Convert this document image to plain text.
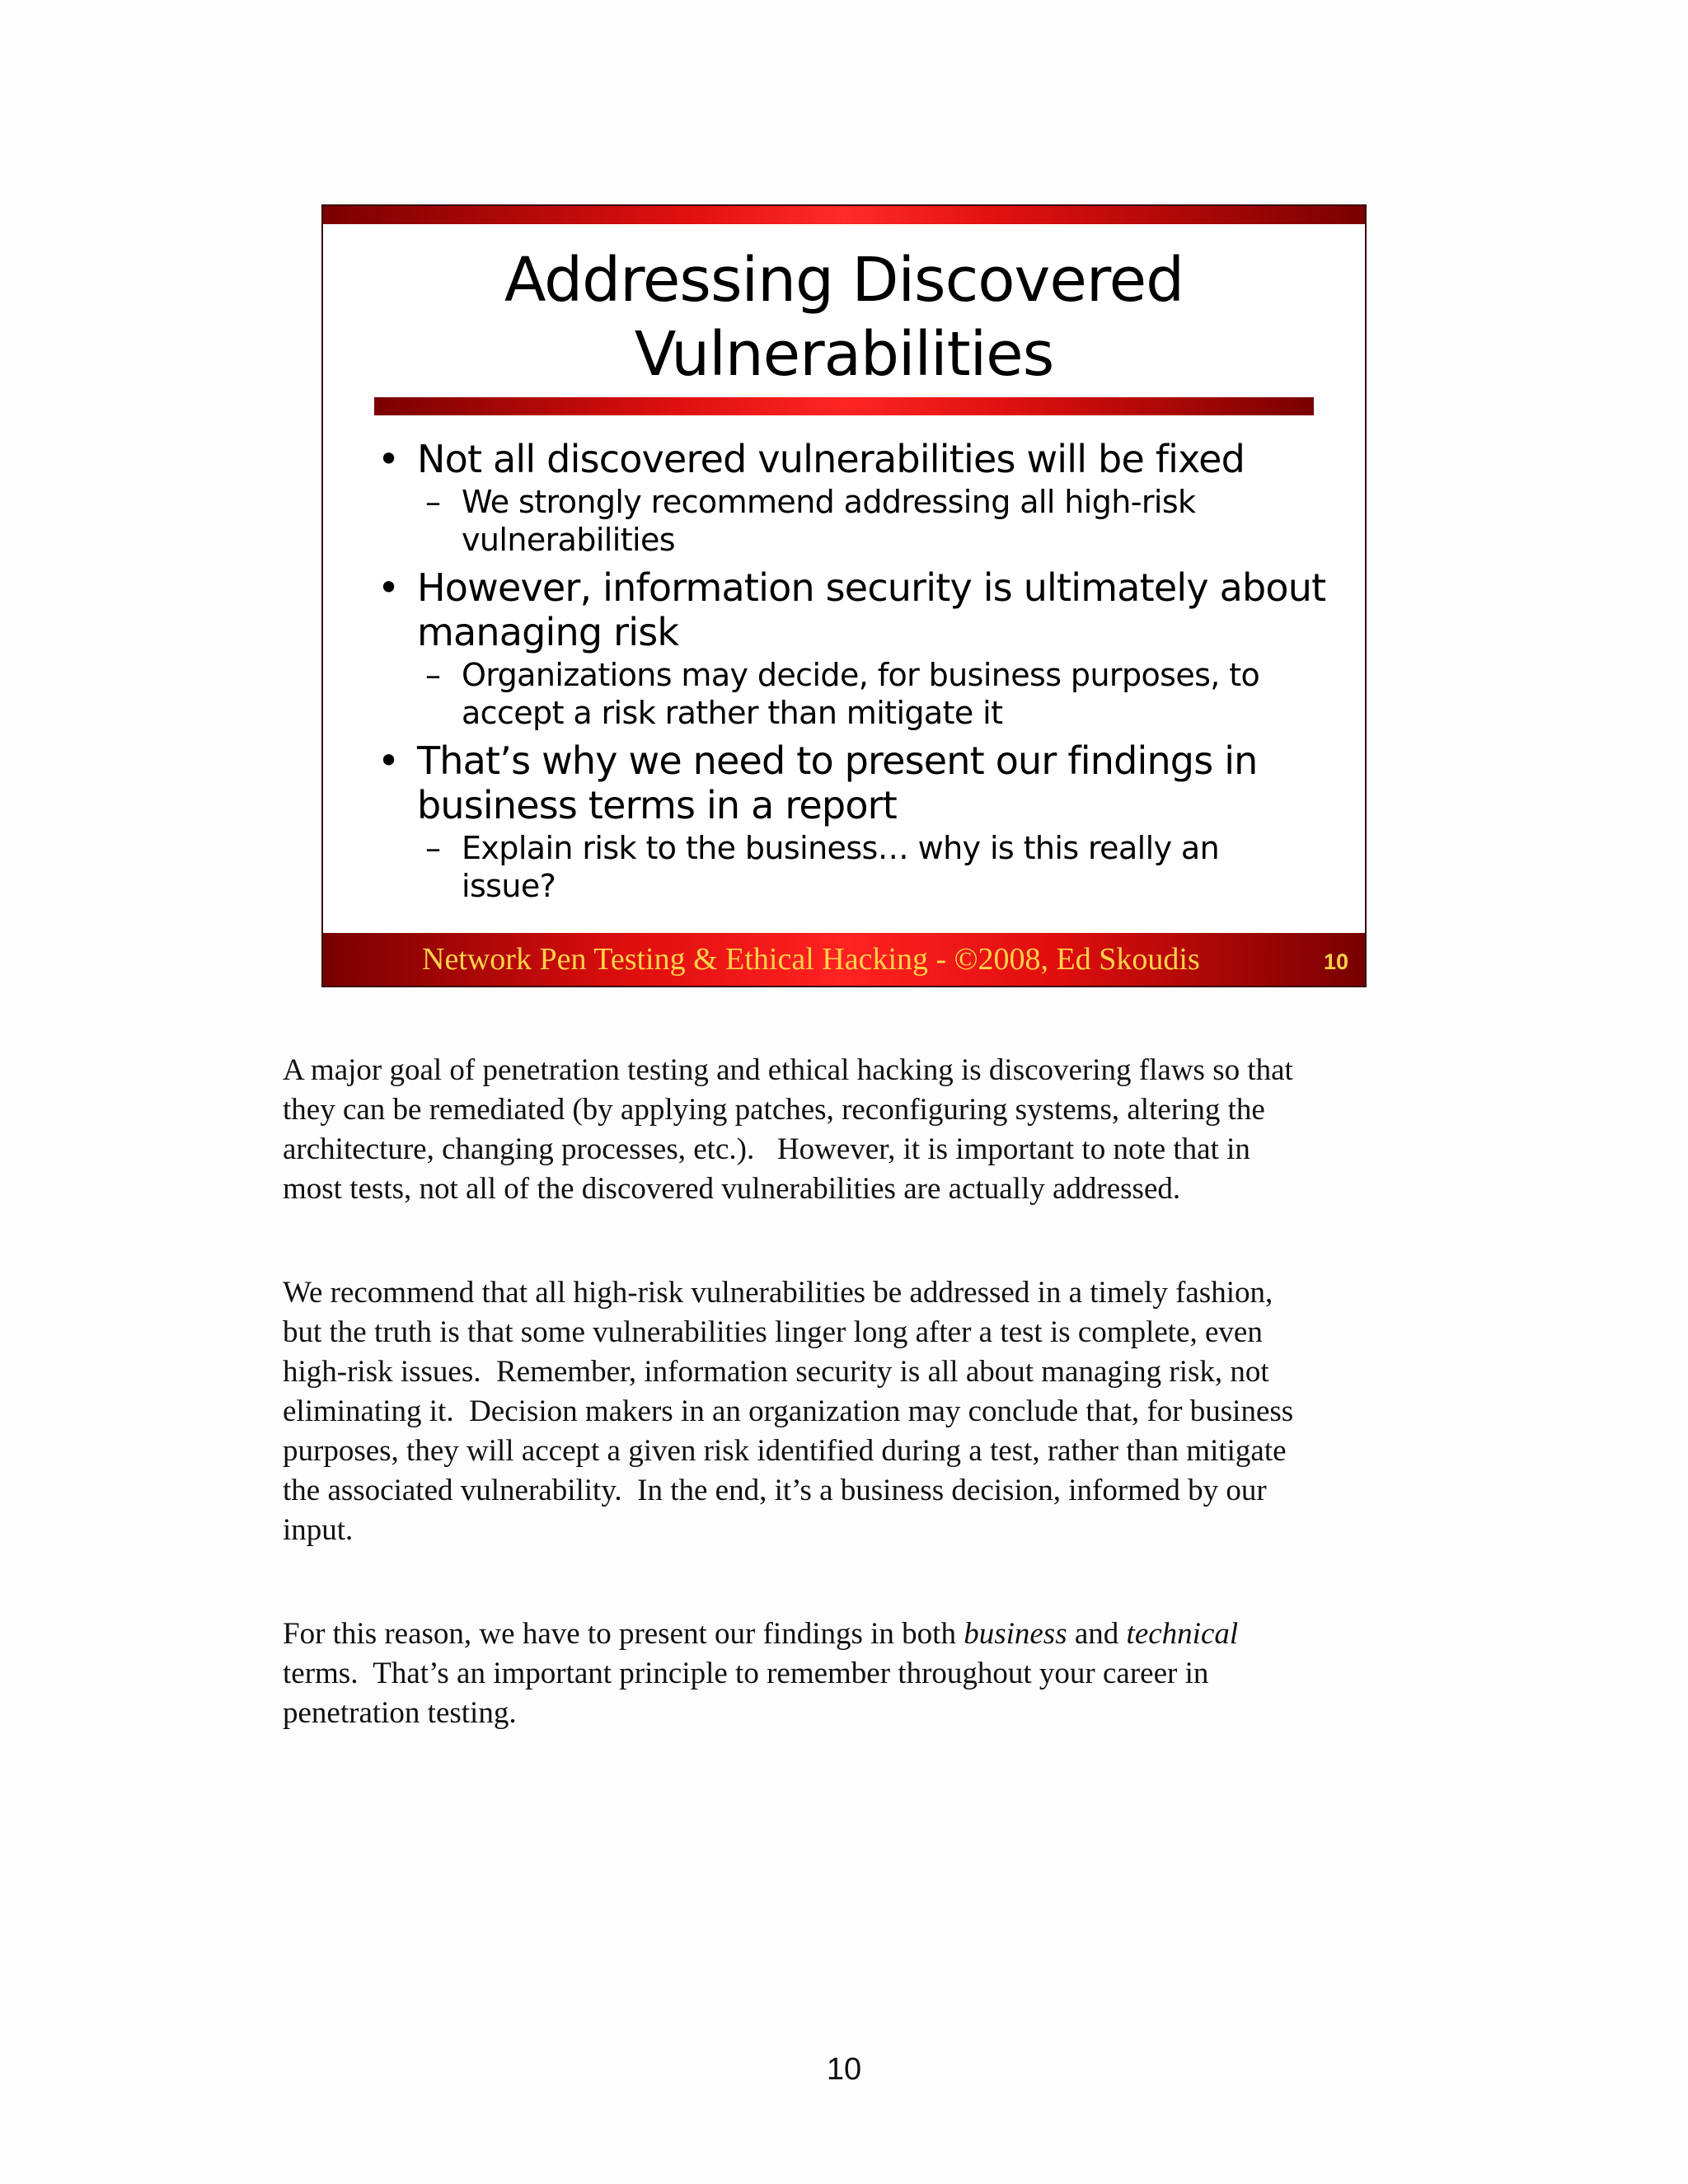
Addressing Discovered
Vulnerabilities
• Not all discovered vulnerabilities will be fixed
– We strongly recommend addressing all high-risk
vulnerabilities
• However, information security is ultimately about
managing risk
– Organizations may decide, for business purposes, to
accept a risk rather than mitigate it
• That’s why we need to present our findings in
business terms in a report
– Explain risk to the business… why is this really an
issue?
Network Pen Testing & Ethical Hacking - ©2008, Ed Skoudis	10
A major goal of penetration testing and ethical hacking is discovering flaws so that
they can be remediated (by applying patches, reconfiguring systems, altering the
architecture, changing processes, etc.).   However, it is important to note that in
most tests, not all of the discovered vulnerabilities are actually addressed.
We recommend that all high-risk vulnerabilities be addressed in a timely fashion,
but the truth is that some vulnerabilities linger long after a test is complete, even
high-risk issues.  Remember, information security is all about managing risk, not
eliminating it.  Decision makers in an organization may conclude that, for business
purposes, they will accept a given risk identified during a test, rather than mitigate
the associated vulnerability.  In the end, it’s a business decision, informed by our
input.
For this reason, we have to present our findings in both business and technical
terms.  That’s an important principle to remember throughout your career in
penetration testing.
10
